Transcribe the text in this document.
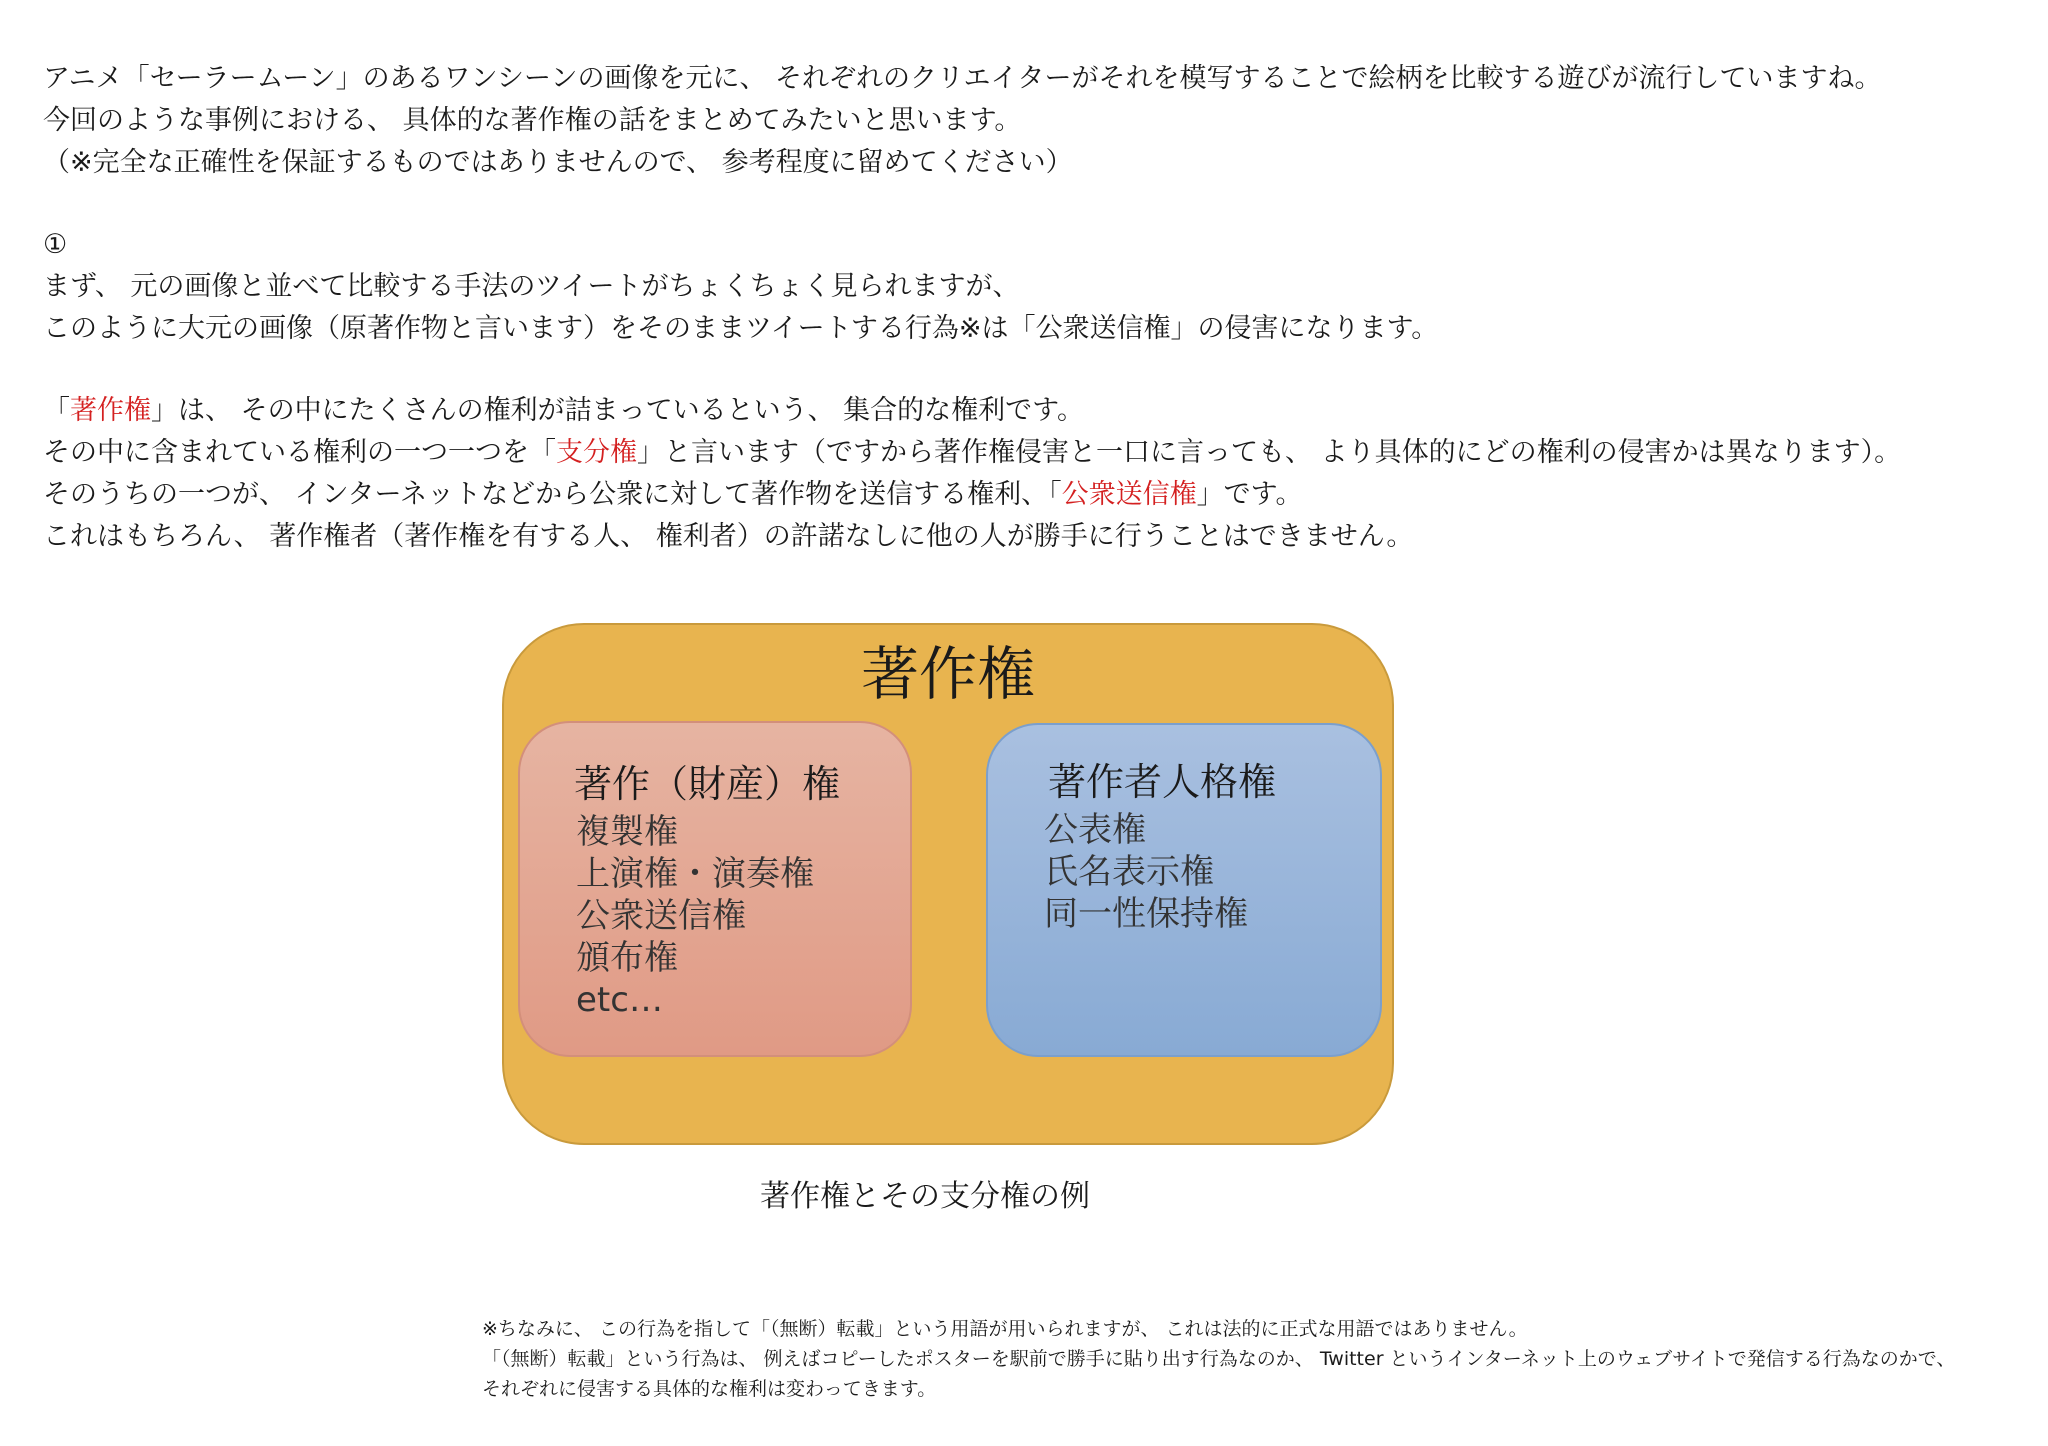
アニメ「セーラームーン」のあるワンシーンの画像を元に、 それぞれのクリエイターがそれを模写することで絵柄を比較する遊びが流行していますね。
今回のような事例における、 具体的な著作権の話をまとめてみたいと思います。
（※完全な正確性を保証するものではありませんので、 参考程度に留めてください）
①
まず、 元の画像と並べて比較する手法のツイートがちょくちょく見られますが、
このように大元の画像（原著作物と言います）をそのままツイートする行為※は「公衆送信権」の侵害になります。
「著作権」は、 その中にたくさんの権利が詰まっているという、 集合的な権利です。
その中に含まれている権利の一つ一つを「支分権」と言います（ですから著作権侵害と一口に言っても、 より具体的にどの権利の侵害かは異なります）。
そのうちの一つが、 インターネットなどから公衆に対して著作物を送信する権利、「公衆送信権」です。
これはもちろん、 著作権者（著作権を有する人、 権利者）の許諾なしに他の人が勝手に行うことはできません。
著作権
著作（財産）権
複製権
上演権・演奏権
公衆送信権
頒布権
etc…
著作者人格権
公表権
氏名表示権
同一性保持権
著作権とその支分権の例
※ちなみに、 この行為を指して「（無断）転載」という用語が用いられますが、 これは法的に正式な用語ではありません。
「（無断）転載」という行為は、 例えばコピーしたポスターを駅前で勝手に貼り出す行為なのか、 Twitter というインターネット上のウェブサイトで発信する行為なのかで、
それぞれに侵害する具体的な権利は変わってきます。
